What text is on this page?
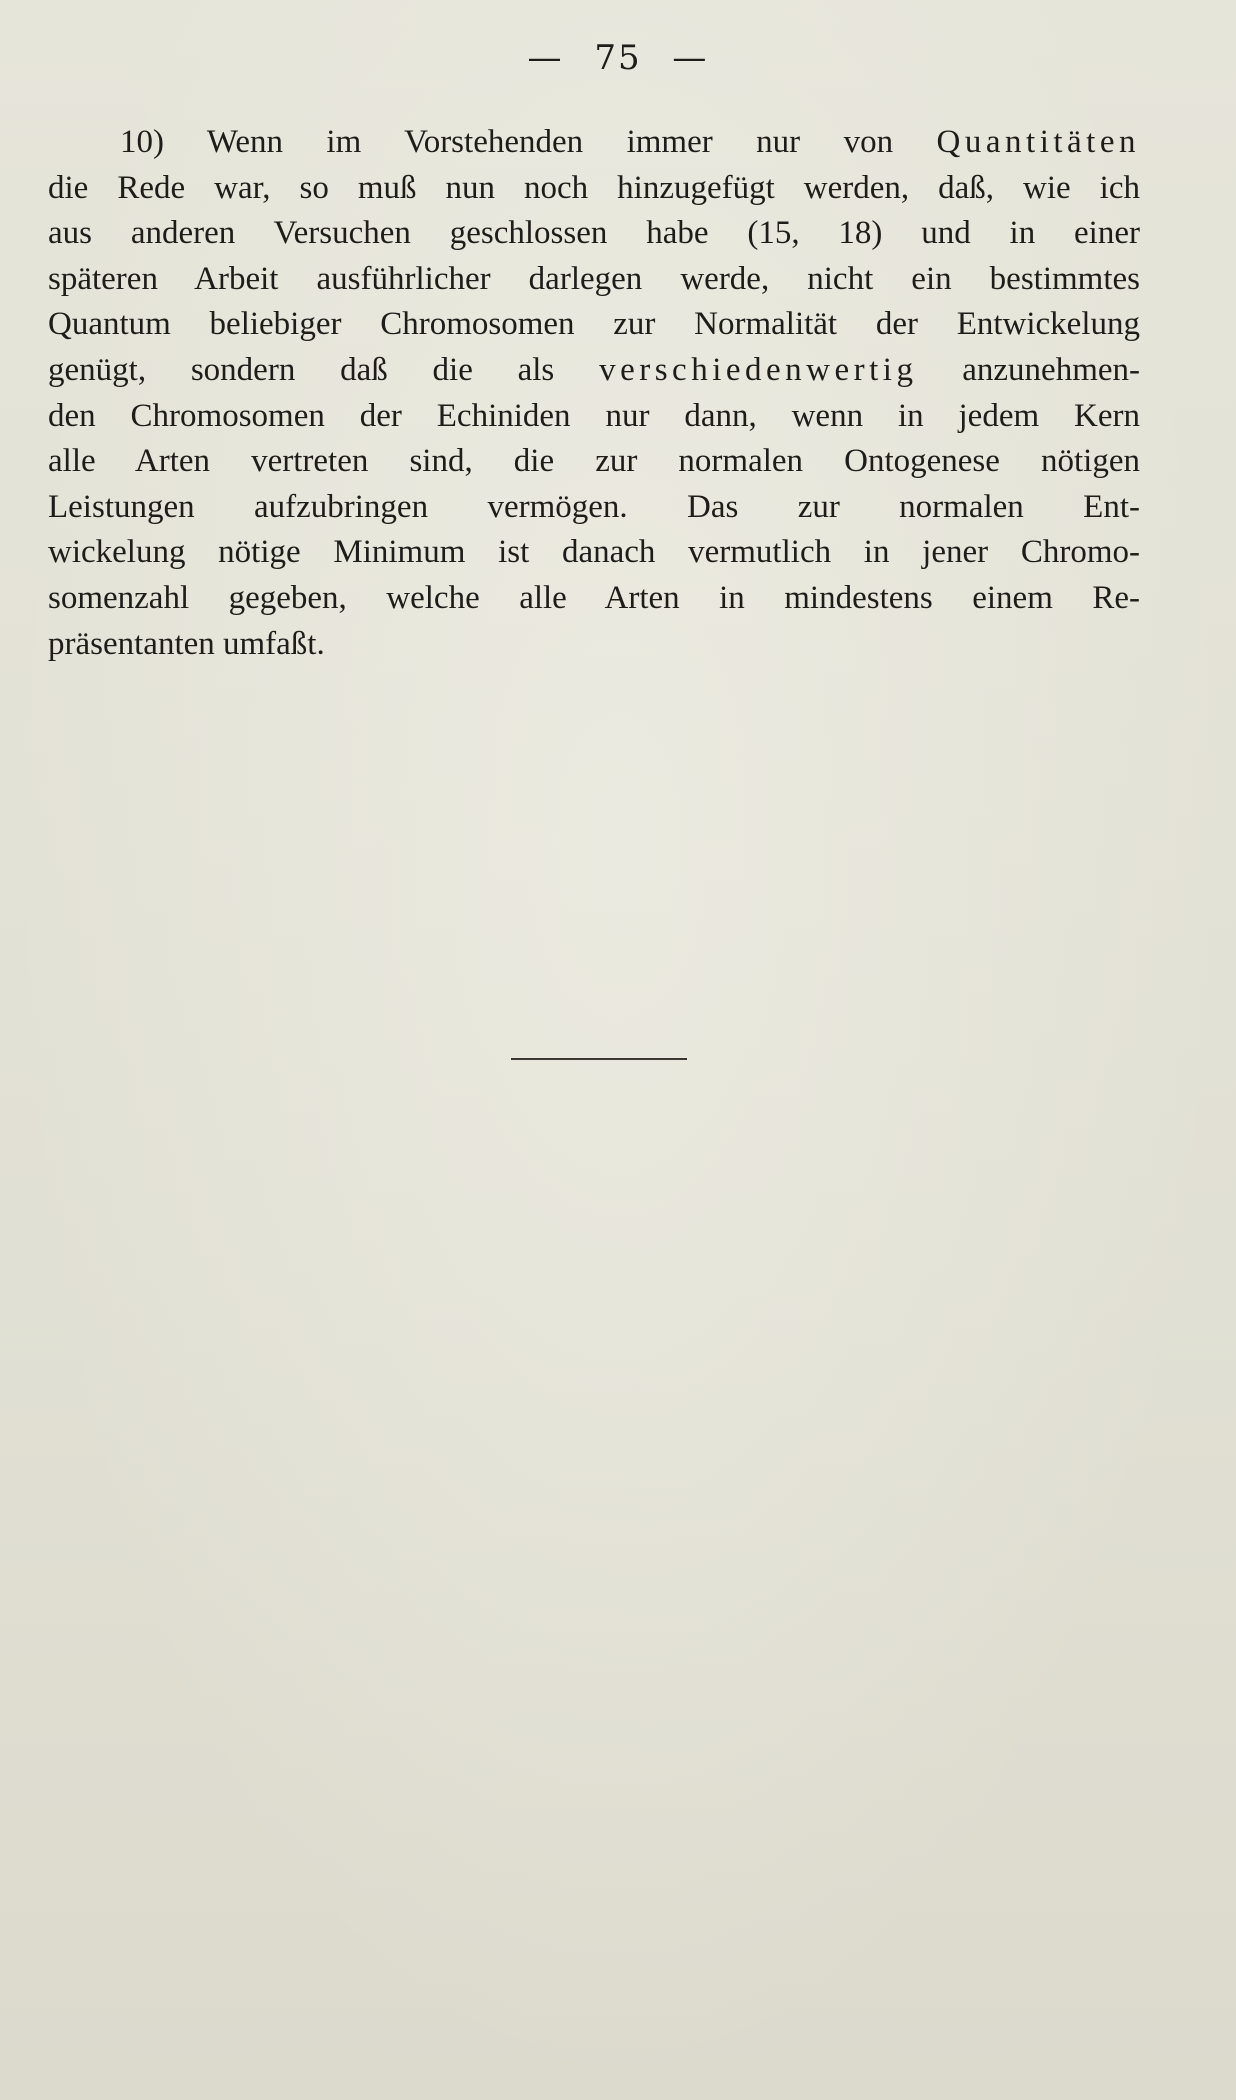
— 75 —
10) Wenn im Vorstehenden immer nur von Quantitäten
die Rede war, so muß nun noch hinzugefügt werden, daß, wie ich
aus anderen Versuchen geschlossen habe (15, 18) und in einer
späteren Arbeit ausführlicher darlegen werde, nicht ein bestimmtes
Quantum beliebiger Chromosomen zur Normalität der Entwickelung
genügt, sondern daß die als verschiedenwertig anzunehmen-
den Chromosomen der Echiniden nur dann, wenn in jedem Kern
alle Arten vertreten sind, die zur normalen Ontogenese nötigen
Leistungen aufzubringen vermögen. Das zur normalen Ent-
wickelung nötige Minimum ist danach vermutlich in jener Chromo-
somenzahl gegeben, welche alle Arten in mindestens einem Re-
präsentanten umfaßt.
